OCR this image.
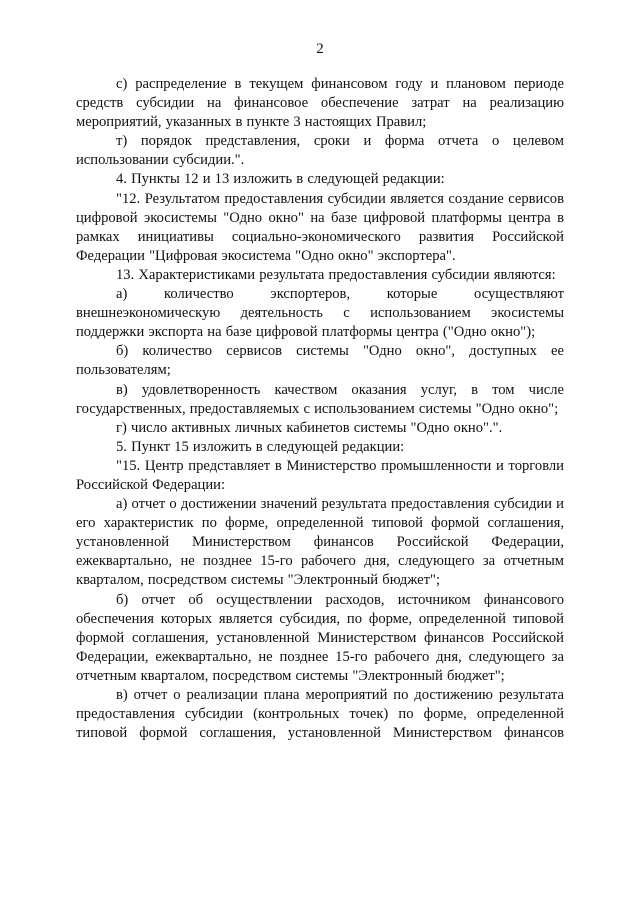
2

с) распределение в текущем финансовом году и плановом периоде средств субсидии на финансовое обеспечение затрат на реализацию мероприятий, указанных в пункте 3 настоящих Правил;

т) порядок представления, сроки и форма отчета о целевом использовании субсидии.".

4. Пункты 12 и 13 изложить в следующей редакции:

"12. Результатом предоставления субсидии является создание сервисов цифровой экосистемы "Одно окно" на базе цифровой платформы центра в рамках инициативы социально-экономического развития Российской Федерации "Цифровая экосистема "Одно окно" экспортера".

13. Характеристиками результата предоставления субсидии являются:

а) количество экспортеров, которые осуществляют внешнеэкономическую деятельность с использованием экосистемы поддержки экспорта на базе цифровой платформы центра ("Одно окно");

б) количество сервисов системы "Одно окно", доступных ее пользователям;

в) удовлетворенность качеством оказания услуг, в том числе государственных, предоставляемых с использованием системы "Одно окно";

г) число активных личных кабинетов системы "Одно окно".".

5. Пункт 15 изложить в следующей редакции:

"15. Центр представляет в Министерство промышленности и торговли Российской Федерации:

а) отчет о достижении значений результата предоставления субсидии и его характеристик по форме, определенной типовой формой соглашения, установленной Министерством финансов Российской Федерации, ежеквартально, не позднее 15-го рабочего дня, следующего за отчетным кварталом, посредством системы "Электронный бюджет";

б) отчет об осуществлении расходов, источником финансового обеспечения которых является субсидия, по форме, определенной типовой формой соглашения, установленной Министерством финансов Российской Федерации, ежеквартально, не позднее 15-го рабочего дня, следующего за отчетным кварталом, посредством системы "Электронный бюджет";

в) отчет о реализации плана мероприятий по достижению результата предоставления субсидии (контрольных точек) по форме, определенной типовой формой соглашения, установленной Министерством финансов
